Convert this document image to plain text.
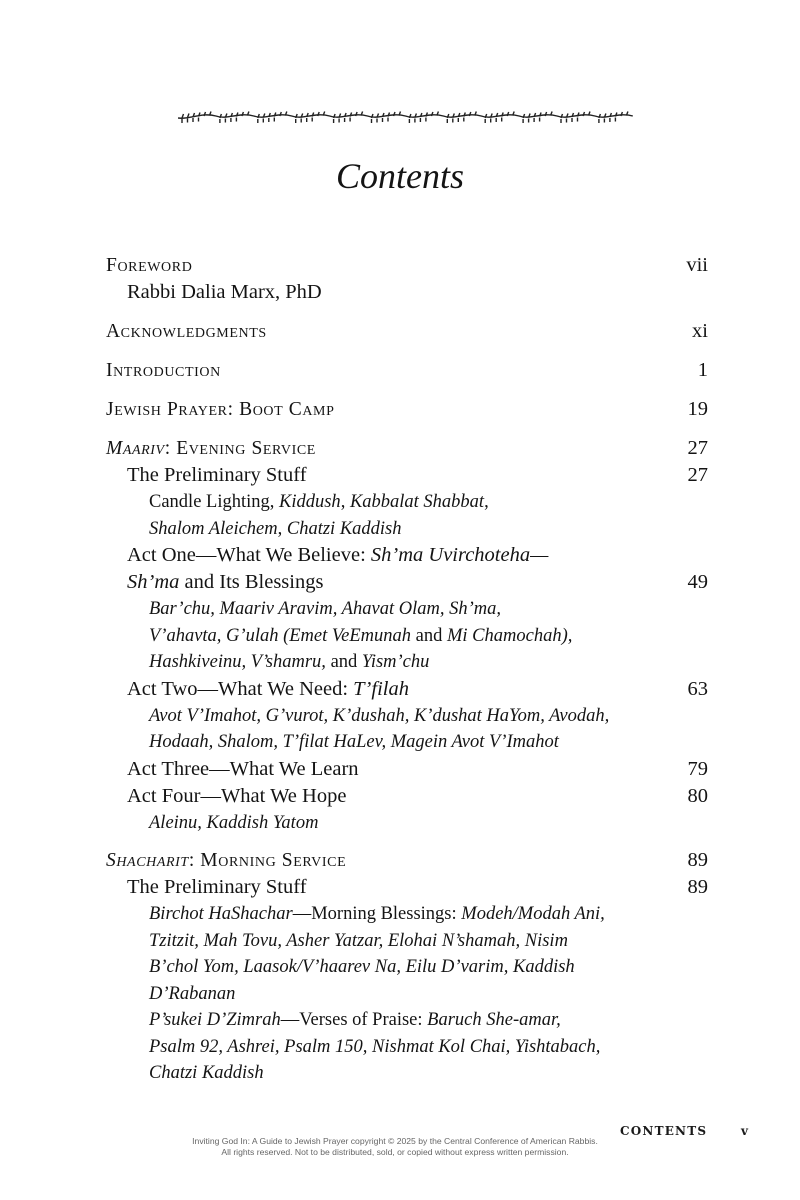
Contents
Foreword	vii
Rabbi Dalia Marx, PhD
Acknowledgments	xi
Introduction	1
Jewish Prayer: Boot Camp	19
Maariv: Evening Service	27
The Preliminary Stuff	27
Candle Lighting, Kiddush, Kabbalat Shabbat,
Shalom Aleichem, Chatzi Kaddish
Act One—What We Believe: Sh’ma Uvirchoteha—
Sh’ma and Its Blessings	49
Bar’chu, Maariv Aravim, Ahavat Olam, Sh’ma,
V’ahavta, G’ulah (Emet VeEmunah and Mi Chamochah),
Hashkiveinu, V’shamru, and Yism’chu
Act Two—What We Need: T’filah	63
Avot V’Imahot, G’vurot, K’dushah, K’dushat HaYom, Avodah,
Hodaah, Shalom, T’filat HaLev, Magein Avot V’Imahot
Act Three—What We Learn	79
Act Four—What We Hope	80
Aleinu, Kaddish Yatom
Shacharit: Morning Service	89
The Preliminary Stuff	89
Birchot HaShachar—Morning Blessings: Modeh/Modah Ani,
Tzitzit, Mah Tovu, Asher Yatzar, Elohai N’shamah, Nisim
B’chol Yom, Laasok/V’haarev Na, Eilu D’varim, Kaddish
D’Rabanan
P’sukei D’Zimrah—Verses of Praise: Baruch She-amar,
Psalm 92, Ashrei, Psalm 150, Nishmat Kol Chai, Yishtabach,
Chatzi Kaddish
CONTENTS	v
Inviting God In: A Guide to Jewish Prayer copyright © 2025 by the Central Conference of American Rabbis.
All rights reserved. Not to be distributed, sold, or copied without express written permission.
